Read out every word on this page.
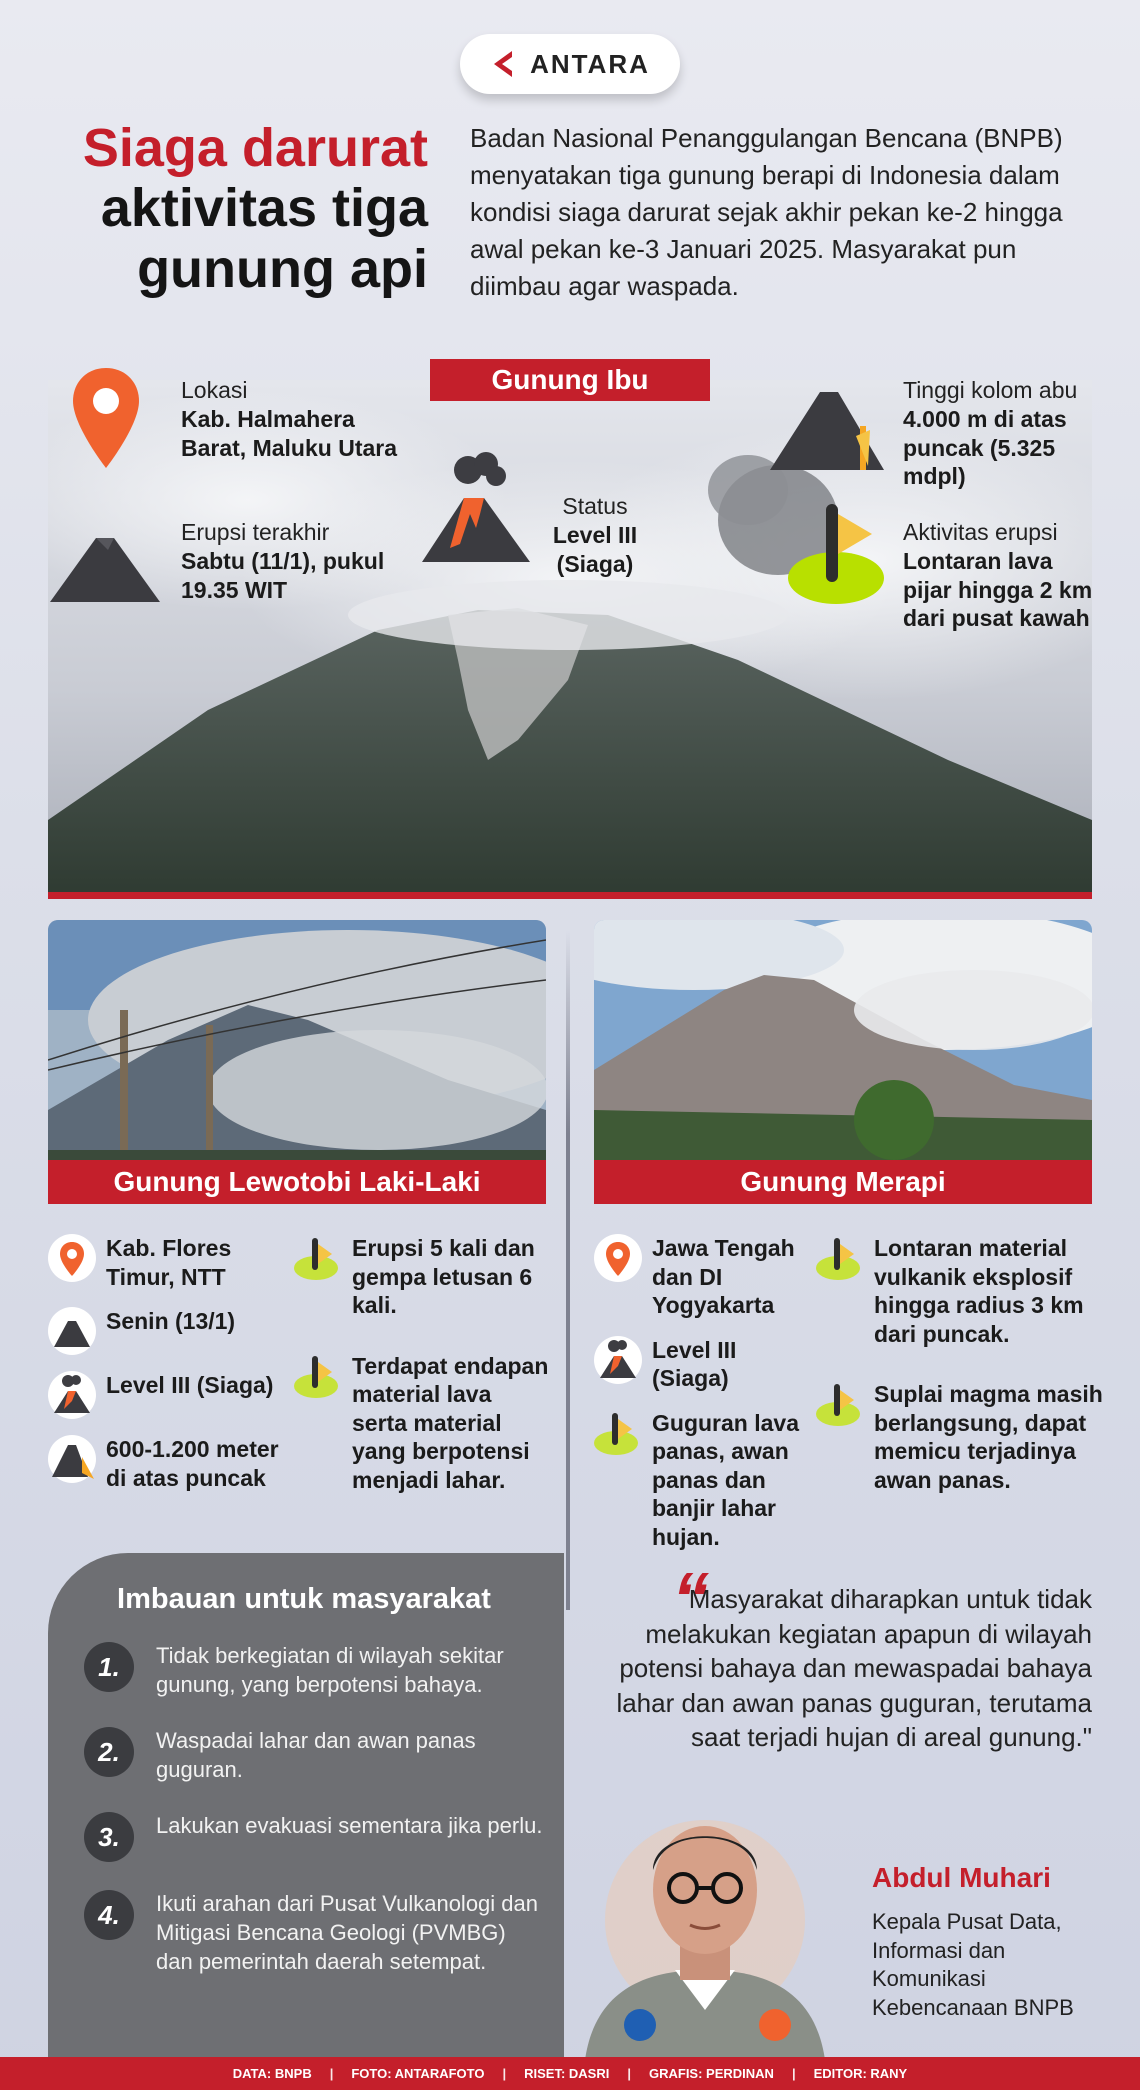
ANTARA
Siaga darurat
aktivitas tiga
gunung api

Badan Nasional Penanggulangan Bencana (BNPB) menyatakan tiga gunung berapi di Indonesia dalam kondisi siaga darurat sejak akhir pekan ke-2 hingga awal pekan ke-3 Januari 2025. Masyarakat pun diimbau agar waspada.

Gunung Ibu
Lokasi
Kab. Halmahera Barat, Maluku Utara
Erupsi terakhir
Sabtu (11/1), pukul 19.35 WIT
Status
Level III (Siaga)
Tinggi kolom abu
4.000 m di atas puncak (5.325 mdpl)
Aktivitas erupsi
Lontaran lava pijar hingga 2 km dari pusat kawah
Gunung Lewotobi Laki-Laki	Gunung Merapi
Kab. Flores Timur, NTT
Senin (13/1)
Level III (Siaga)
600-1.200 meter di atas puncak
Erupsi 5 kali dan gempa letusan 6 kali.
Terdapat endapan material lava serta material yang berpotensi menjadi lahar.
Jawa Tengah dan DI Yogyakarta
Level III (Siaga)
Guguran lava panas, awan panas dan banjir lahar hujan.
Lontaran material vulkanik eksplosif hingga radius 3 km dari puncak.
Suplai magma masih berlangsung, dapat memicu terjadinya awan panas.
Imbauan untuk masyarakat
1.	Tidak berkegiatan di wilayah sekitar gunung, yang berpotensi bahaya.
2.	Waspadai lahar dan awan panas guguran.
3.	Lakukan evakuasi sementara jika perlu.
4.	Ikuti arahan dari Pusat Vulkanologi dan Mitigasi Bencana Geologi (PVMBG) dan pemerintah daerah setempat.
“

Masyarakat diharapkan untuk tidak melakukan kegiatan apapun di wilayah potensi bahaya dan mewaspadai bahaya lahar dan awan panas guguran, terutama saat terjadi hujan di areal gunung."

Abdul Muhari
Kepala Pusat Data, Informasi dan Komunikasi Kebencanaan BNPB
DATA: BNPB | FOTO: ANTARAFOTO | RISET: DASRI | GRAFIS: PERDINAN | EDITOR: RANY
